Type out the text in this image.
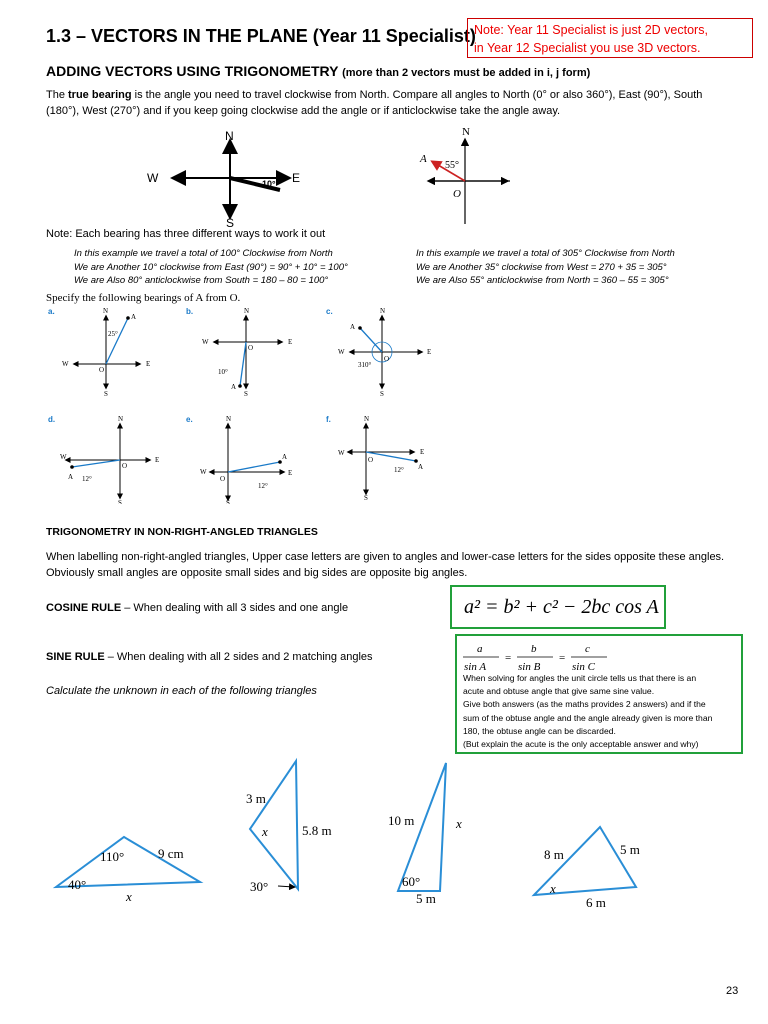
1.3 – VECTORS IN THE PLANE (Year 11 Specialist)
Note: Year 11 Specialist is just 2D vectors,
in Year 12 Specialist you use 3D vectors.
ADDING VECTORS USING TRIGONOMETRY (more than 2 vectors must be added in i, j form)
The true bearing is the angle you need to travel clockwise from North. Compare all angles to North (0° or also 360°), East (90°), South (180°), West (270°) and if you keep going clockwise add the angle or if anticlockwise take the angle away.
N
S
W	E
10°
N
A
O
55°
Note: Each bearing has three different ways to work it out
In this example we travel a total of 100° Clockwise from North
We are Another 10° clockwise from East (90°) = 90° + 10° = 100°
We are Also 80° anticlockwise from South = 180 – 80 = 100°
In this example we travel a total of 305° Clockwise from North
We are Another 35° clockwise from West = 270 + 35 = 305°
We are Also 55° anticlockwise from North = 360 – 55 = 305°
Specify the following bearings of A from O.
a.	N
W	E
S
O
A
25°
b.	N
W	E
S
O
A
10°
c.	N
W	E
S
O
A
310°
d.	N
W	E
S
O
A 12°
e.	N
W	E
S
O
A
12°
f.	N
W	E
S
O
A
12°
TRIGONOMETRY IN NON-RIGHT-ANGLED TRIANGLES
When labelling non-right-angled triangles, Upper case letters are given to angles and lower-case letters for the sides opposite these angles. Obviously small angles are opposite small sides and big sides are opposite big angles.
COSINE RULE – When dealing with all 3 sides and one angle	a² = b² + c² − 2bc cos A
SINE RULE – When dealing with all 2 sides and 2 matching angles
a
sin A
=
b
sin B
=
c
sin C
When solving for angles the unit circle tells us that there is an
acute and obtuse angle that give same sine value.
Give both answers (as the maths provides 2 answers) and if the
sum of the obtuse angle and the angle already given is more than
180, the obtuse angle can be discarded.
(But explain the acute is the only acceptable answer and why)
Calculate the unknown in each of the following triangles
110°
40°
9 cm
x
3 m
5.8 m
x
30°
10 m	x
60°
5 m
8 m	5 m
6 m
x
23
